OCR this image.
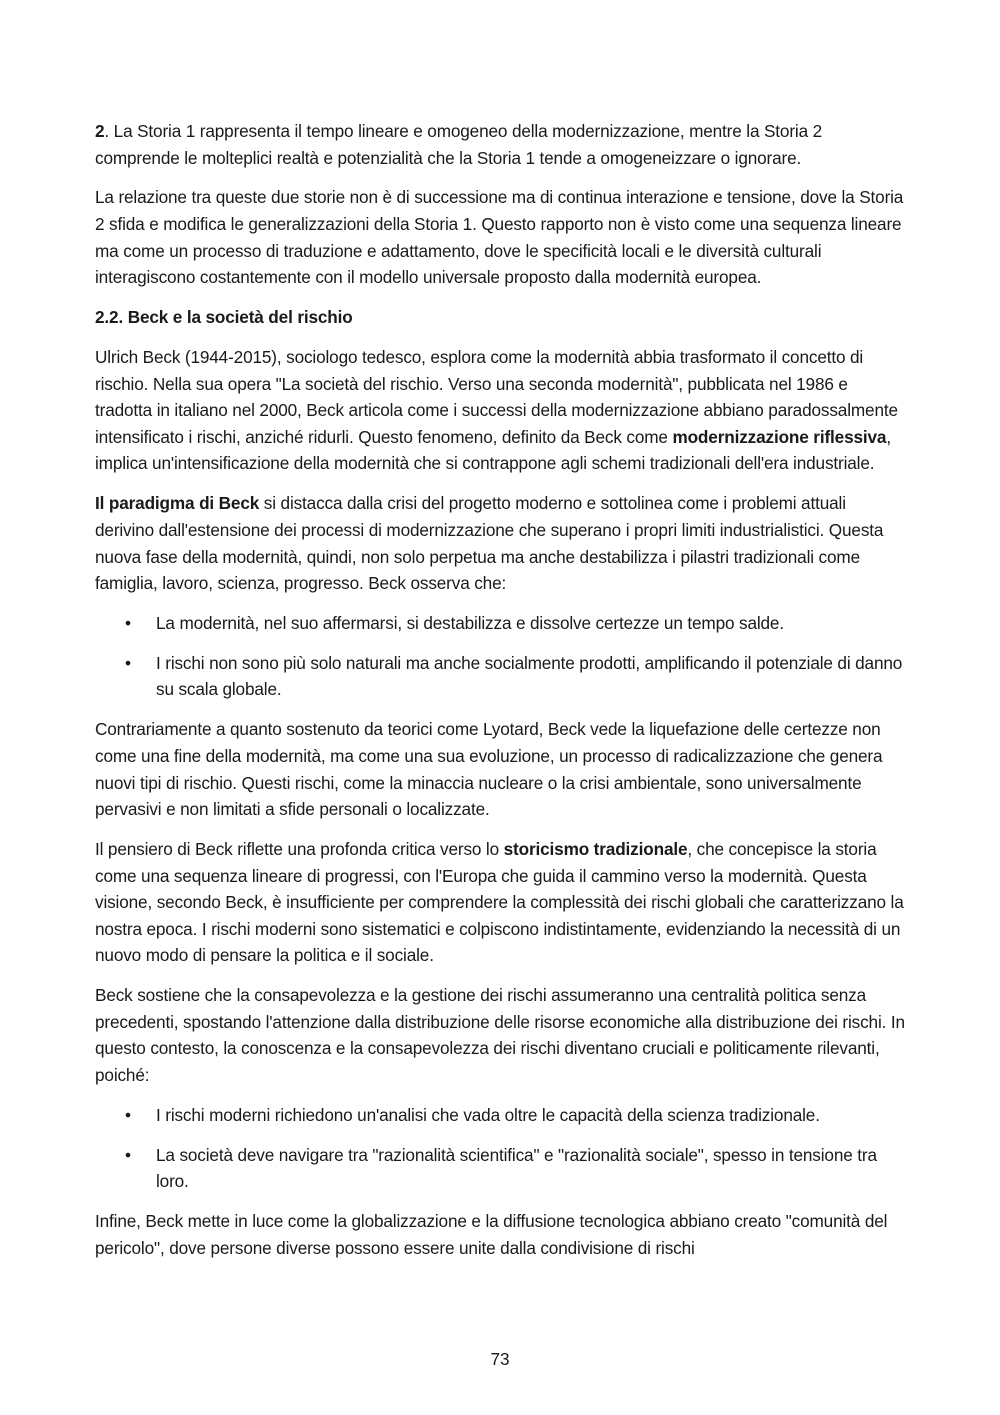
2. La Storia 1 rappresenta il tempo lineare e omogeneo della modernizzazione, mentre la Storia 2 comprende le molteplici realtà e potenzialità che la Storia 1 tende a omogeneizzare o ignorare.

La relazione tra queste due storie non è di successione ma di continua interazione e tensione, dove la Storia 2 sfida e modifica le generalizzazioni della Storia 1. Questo rapporto non è visto come una sequenza lineare ma come un processo di traduzione e adattamento, dove le specificità locali e le diversità culturali interagiscono costantemente con il modello universale proposto dalla modernità europea.

2.2. Beck e la società del rischio

Ulrich Beck (1944-2015), sociologo tedesco, esplora come la modernità abbia trasformato il concetto di rischio. Nella sua opera "La società del rischio. Verso una seconda modernità", pubblicata nel 1986 e tradotta in italiano nel 2000, Beck articola come i successi della modernizzazione abbiano paradossalmente intensificato i rischi, anziché ridurli. Questo fenomeno, definito da Beck come modernizzazione riflessiva, implica un'intensificazione della modernità che si contrappone agli schemi tradizionali dell'era industriale.

Il paradigma di Beck si distacca dalla crisi del progetto moderno e sottolinea come i problemi attuali derivino dall'estensione dei processi di modernizzazione che superano i propri limiti industrialistici. Questa nuova fase della modernità, quindi, non solo perpetua ma anche destabilizza i pilastri tradizionali come famiglia, lavoro, scienza, progresso. Beck osserva che:

• La modernità, nel suo affermarsi, si destabilizza e dissolve certezze un tempo salde.
• I rischi non sono più solo naturali ma anche socialmente prodotti, amplificando il potenziale di danno su scala globale.

Contrariamente a quanto sostenuto da teorici come Lyotard, Beck vede la liquefazione delle certezze non come una fine della modernità, ma come una sua evoluzione, un processo di radicalizzazione che genera nuovi tipi di rischio. Questi rischi, come la minaccia nucleare o la crisi ambientale, sono universalmente pervasivi e non limitati a sfide personali o localizzate.

Il pensiero di Beck riflette una profonda critica verso lo storicismo tradizionale, che concepisce la storia come una sequenza lineare di progressi, con l'Europa che guida il cammino verso la modernità. Questa visione, secondo Beck, è insufficiente per comprendere la complessità dei rischi globali che caratterizzano la nostra epoca. I rischi moderni sono sistematici e colpiscono indistintamente, evidenziando la necessità di un nuovo modo di pensare la politica e il sociale.

Beck sostiene che la consapevolezza e la gestione dei rischi assumeranno una centralità politica senza precedenti, spostando l'attenzione dalla distribuzione delle risorse economiche alla distribuzione dei rischi. In questo contesto, la conoscenza e la consapevolezza dei rischi diventano cruciali e politicamente rilevanti, poiché:

• I rischi moderni richiedono un'analisi che vada oltre le capacità della scienza tradizionale.
• La società deve navigare tra "razionalità scientifica" e "razionalità sociale", spesso in tensione tra loro.

Infine, Beck mette in luce come la globalizzazione e la diffusione tecnologica abbiano creato "comunità del pericolo", dove persone diverse possono essere unite dalla condivisione di rischi

73
